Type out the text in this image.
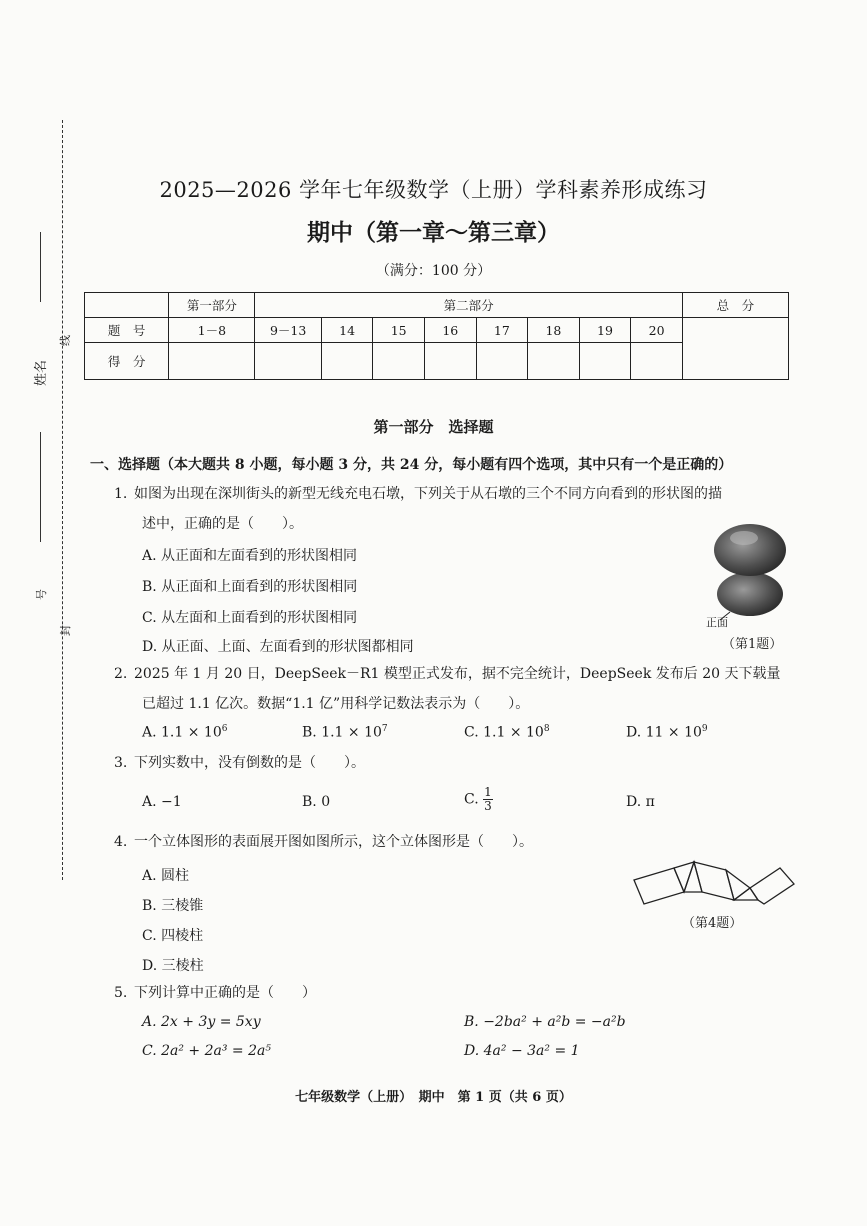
姓名
线
号
封
2025—2026 学年七年级数学（上册）学科素养形成练习
期中（第一章～第三章）
（满分：100 分）
	第一部分	第二部分								总　分
题　号	1－8	9－13	14	15	16	17	18	19	20	
得　分										
第一部分　选择题
一、选择题（本大题共 8 小题，每小题 3 分，共 24 分，每小题有四个选项，其中只有一个是正确的）
1. 如图为出现在深圳街头的新型无线充电石墩，下列关于从石墩的三个不同方向看到的形状图的描
述中，正确的是（　　）。
A. 从正面和左面看到的形状图相同
B. 从正面和上面看到的形状图相同
C. 从左面和上面看到的形状图相同
D. 从正面、上面、左面看到的形状图都相同
正面
（第1题）
2. 2025 年 1 月 20 日，DeepSeek－R1 模型正式发布，据不完全统计，DeepSeek 发布后 20 天下载量
已超过 1.1 亿次。数据“1.1 亿”用科学记数法表示为（　　）。
A. $1.1 \times 10^6$	B. $1.1 \times 10^7$	C. $1.1 \times 10^8$	D. $11 \times 10^9$
3. 下列实数中，没有倒数的是（　　）。
A. −1	B. 0	C. $\frac{1}{3}$	D. π
4. 一个立体图形的表面展开图如图所示，这个立体图形是（　　）。
A. 圆柱
B. 三棱锥
C. 四棱柱
D. 三棱柱
（第4题）
5. 下列计算中正确的是（　　）
A. 2x + 3y = 5xy	B. −2ba² + a²b = −a²b
C. 2a² + 2a³ = 2a⁵	D. 4a² − 3a² = 1
七年级数学（上册）　期中　第 1 页（共 6 页）
